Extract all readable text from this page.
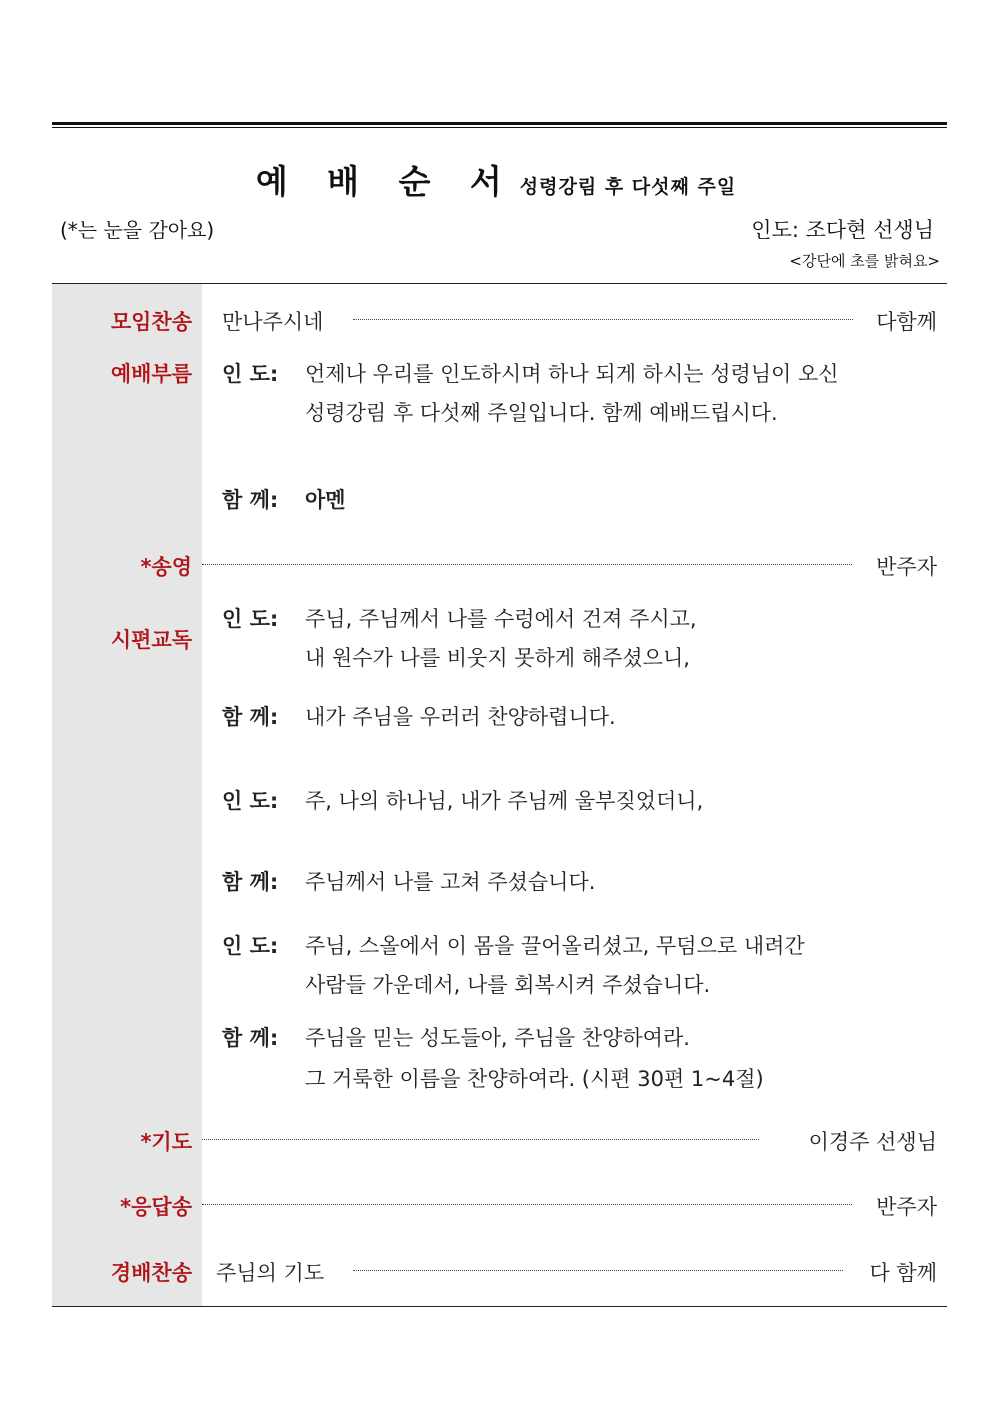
예 배 순 서 성령강림 후 다섯째 주일
(*는 눈을 감아요)	인도: 조다현 선생님
<강단에 초를 밝혀요>
모임찬송 만나주시네	다함께
예배부름 인 도: 언제나 우리를 인도하시며 하나 되게 하시는 성령님이 오신
성령강림 후 다섯째 주일입니다. 함께 예배드립시다.
함 께: 아멘
*송영	반주자
시편교독
인 도: 주님, 주님께서 나를 수렁에서 건져 주시고,
내 원수가 나를 비웃지 못하게 해주셨으니,
함 께: 내가 주님을 우러러 찬양하렵니다.
인 도: 주, 나의 하나님, 내가 주님께 울부짖었더니,
함 께: 주님께서 나를 고쳐 주셨습니다.
인 도: 주님, 스올에서 이 몸을 끌어올리셨고, 무덤으로 내려간
사람들 가운데서, 나를 회복시켜 주셨습니다.
함 께: 주님을 믿는 성도들아, 주님을 찬양하여라.
그 거룩한 이름을 찬양하여라. (시편 30편 1~4절)
*기도	이경주 선생님
*응답송	반주자
경배찬송 주님의 기도	다 함께
